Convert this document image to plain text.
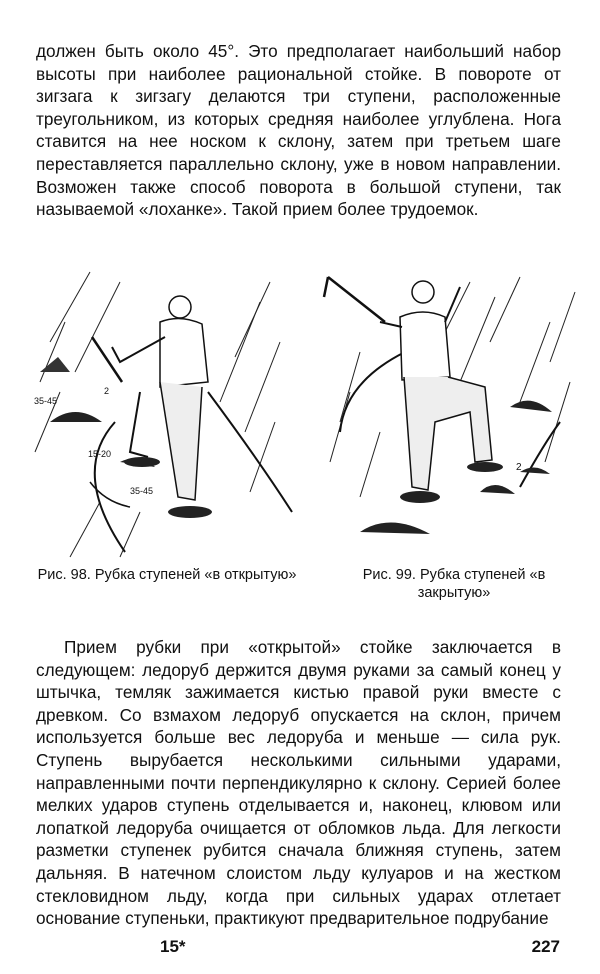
должен быть около 45°. Это предполагает наибольший набор высоты при наиболее рациональной стойке. В повороте от зигзага к зигзагу делаются три ступени, расположенные треугольником, из которых средняя наиболее углублена. Нога ставится на нее носком к склону, затем при третьем шаге переставляется параллельно склону, уже в новом направлении. Возможен также способ поворота в большой ступени, так называемой «лоханке». Такой прием более трудоемок.

35-45
2
15-20
35-45
2
Рис. 98. Рубка ступеней «в открытую»	Рис. 99. Рубка ступеней «в закрытую»

Прием рубки при «открытой» стойке заключается в следующем: ледоруб держится двумя руками за самый конец у штычка, темляк зажимается кистью правой руки вместе с древком. Со взмахом ледоруб опускается на склон, причем используется больше вес ледоруба и меньше — сила рук. Ступень вырубается несколькими сильными ударами, направленными почти перпендикулярно к склону. Серией более мелких ударов ступень отделывается и, наконец, клювом или лопаткой ледоруба очищается от обломков льда. Для легкости разметки ступенек рубится сначала ближняя ступень, затем дальняя. В натечном слоистом льду кулуаров и на жестком стекловидном льду, когда при сильных ударах отлетает основание ступеньки, практикуют предварительное подрубание

15*	227
